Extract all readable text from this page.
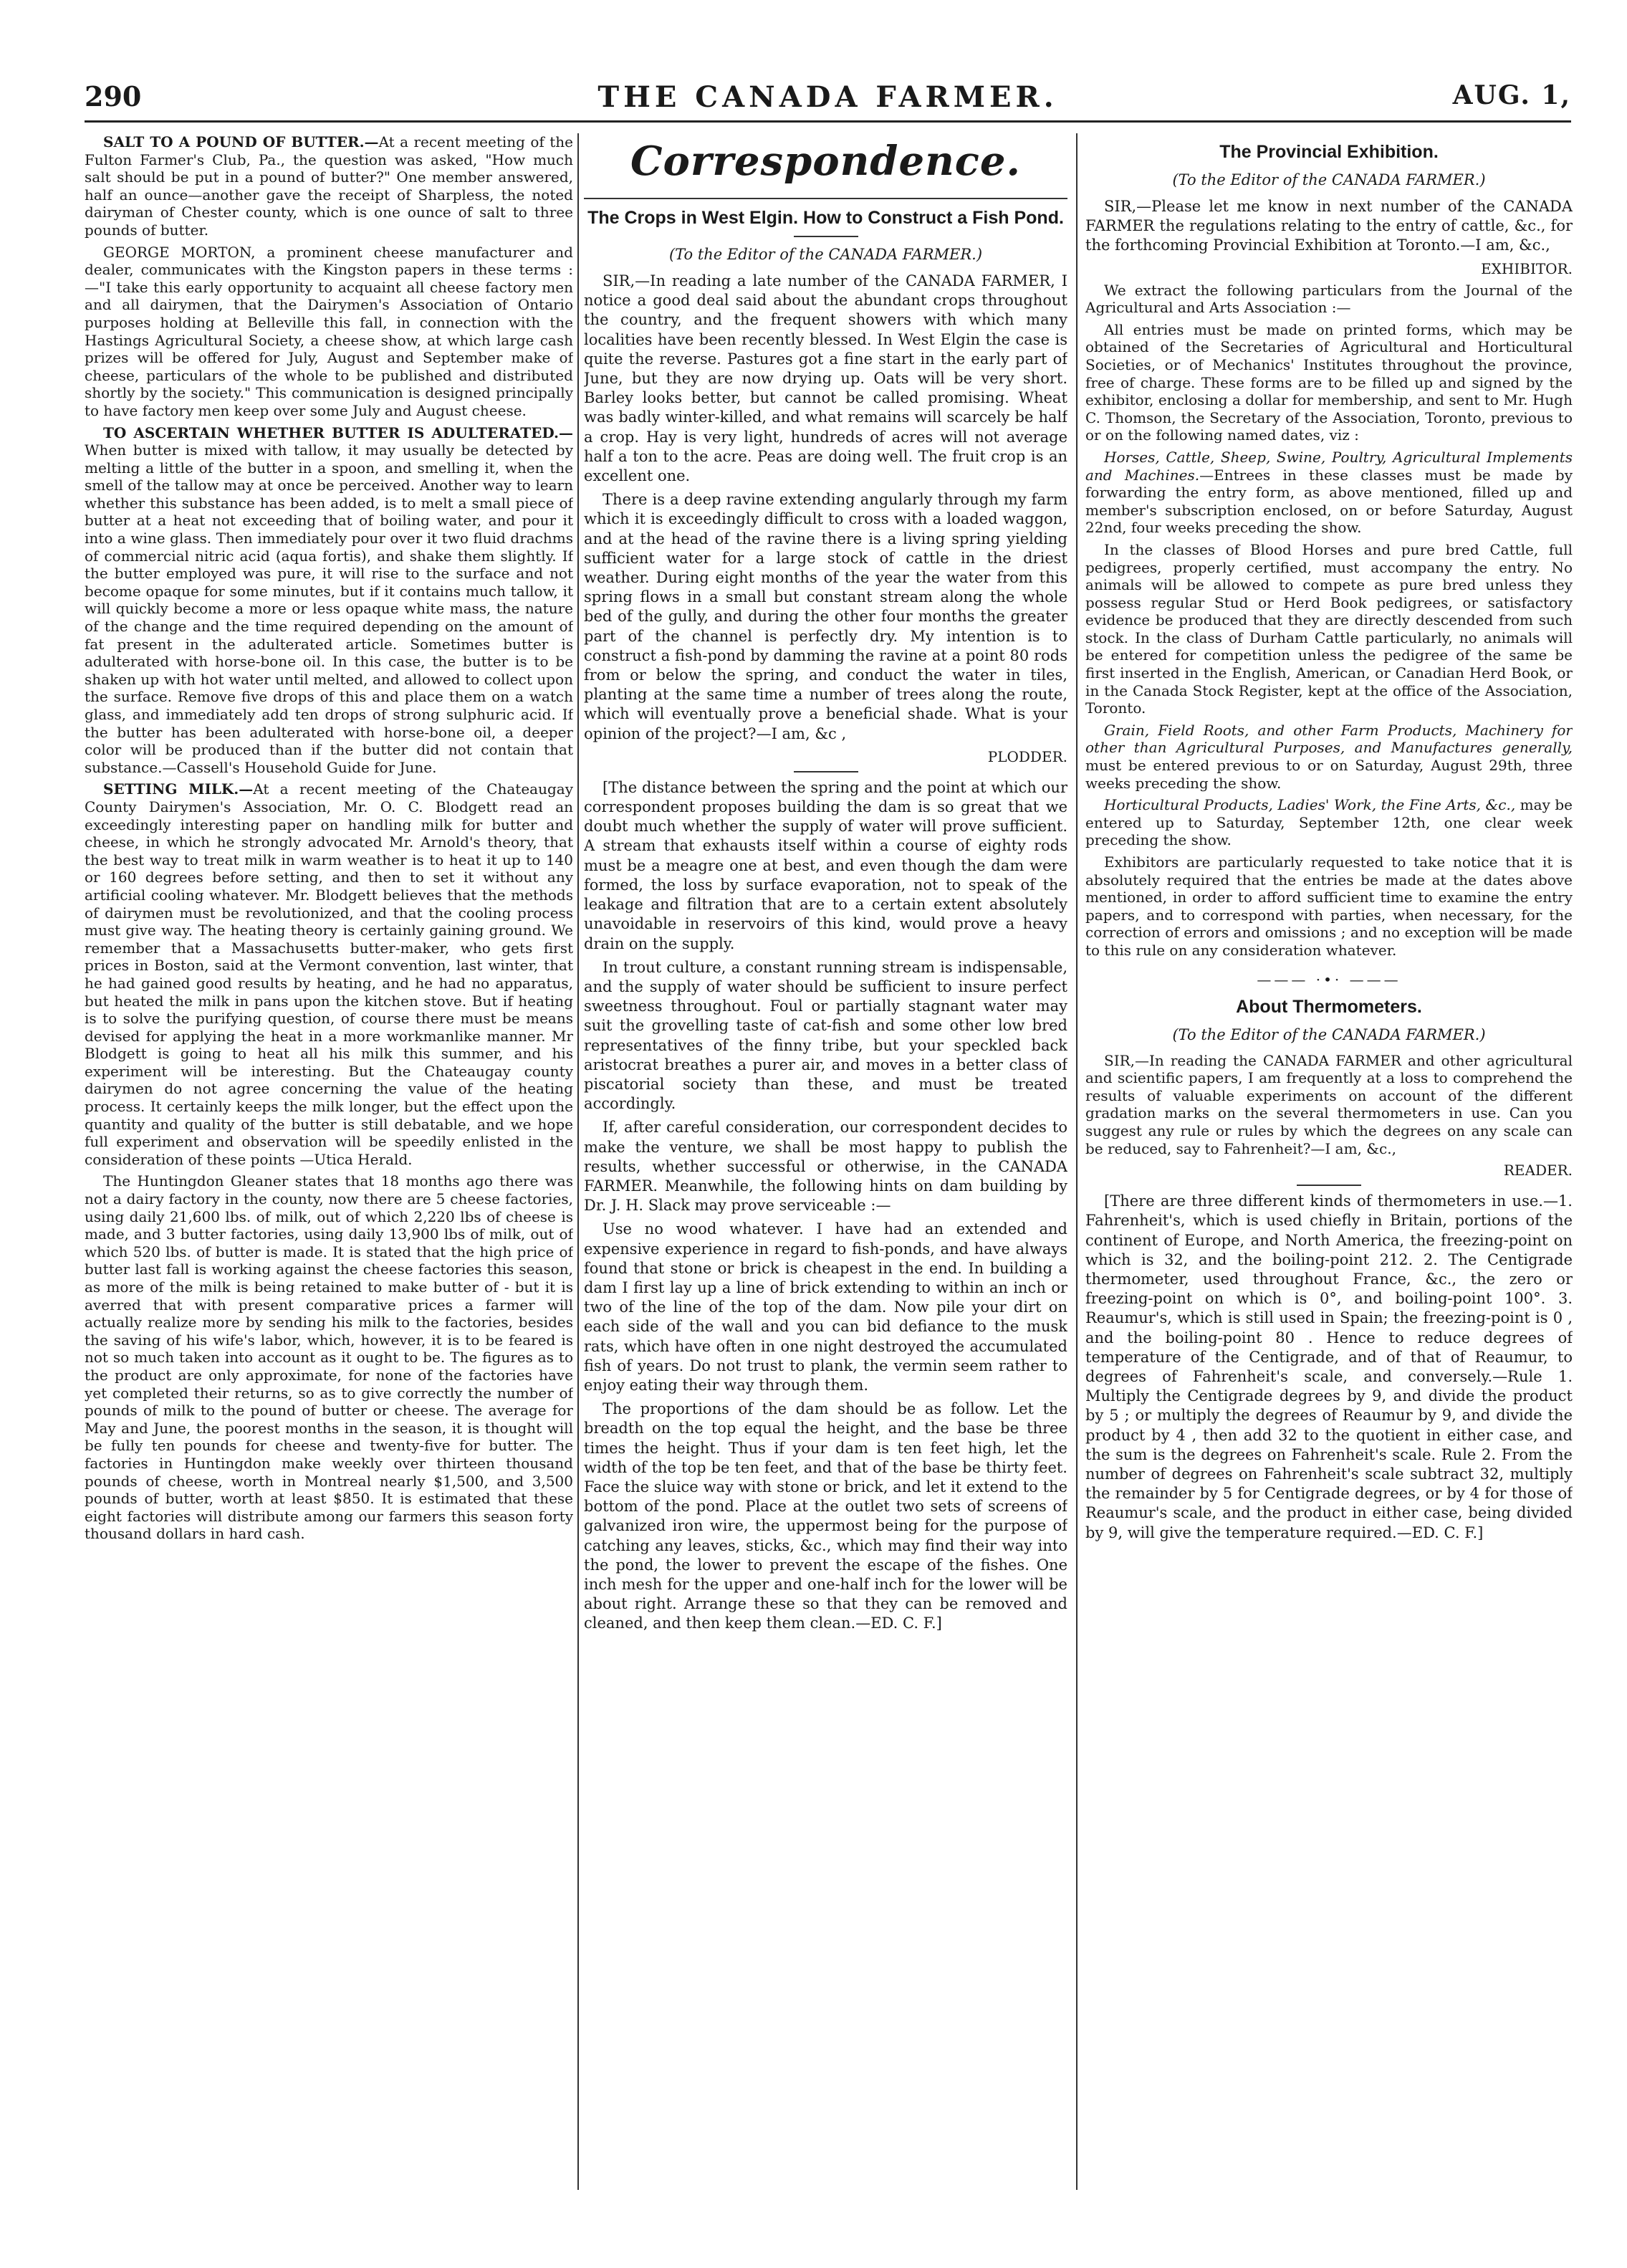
290	THE CANADA FARMER.	AUG. 1,

SALT TO A POUND OF BUTTER.—At a recent meeting of the Fulton Farmer's Club, Pa., the question was asked, "How much salt should be put in a pound of butter?" One member answered, half an ounce—another gave the receipt of Sharpless, the noted dairyman of Chester county, which is one ounce of salt to three pounds of butter.

GEORGE MORTON, a prominent cheese manufacturer and dealer, communicates with the Kingston papers in these terms :—"I take this early opportunity to acquaint all cheese factory men and all dairymen, that the Dairymen's Association of Ontario purposes holding at Belleville this fall, in connection with the Hastings Agricultural Society, a cheese show, at which large cash prizes will be offered for July, August and September make of cheese, particulars of the whole to be published and distributed shortly by the society." This communication is designed principally to have factory men keep over some July and August cheese.

TO ASCERTAIN WHETHER BUTTER IS ADULTERATED.—When butter is mixed with tallow, it may usually be detected by melting a little of the butter in a spoon, and smelling it, when the smell of the tallow may at once be perceived. Another way to learn whether this substance has been added, is to melt a small piece of butter at a heat not exceeding that of boiling water, and pour it into a wine glass. Then immediately pour over it two fluid drachms of commercial nitric acid (aqua fortis), and shake them slightly. If the butter employed was pure, it will rise to the surface and not become opaque for some minutes, but if it contains much tallow, it will quickly become a more or less opaque white mass, the nature of the change and the time required depending on the amount of fat present in the adulterated article. Sometimes butter is adulterated with horse-bone oil. In this case, the butter is to be shaken up with hot water until melted, and allowed to collect upon the surface. Remove five drops of this and place them on a watch glass, and immediately add ten drops of strong sulphuric acid. If the butter has been adulterated with horse-bone oil, a deeper color will be produced than if the butter did not contain that substance.—Cassell's Household Guide for June.

SETTING MILK.—At a recent meeting of the Chateaugay County Dairymen's Association, Mr. O. C. Blodgett read an exceedingly interesting paper on handling milk for butter and cheese, in which he strongly advocated Mr. Arnold's theory, that the best way to treat milk in warm weather is to heat it up to 140 or 160 degrees before setting, and then to set it without any artificial cooling whatever. Mr. Blodgett believes that the methods of dairymen must be revolutionized, and that the cooling process must give way. The heating theory is certainly gaining ground. We remember that a Massachusetts butter-maker, who gets first prices in Boston, said at the Vermont convention, last winter, that he had gained good results by heating, and he had no apparatus, but heated the milk in pans upon the kitchen stove. But if heating is to solve the purifying question, of course there must be means devised for applying the heat in a more workmanlike manner. Mr Blodgett is going to heat all his milk this summer, and his experiment will be interesting. But the Chateaugay county dairymen do not agree concerning the value of the heating process. It certainly keeps the milk longer, but the effect upon the quantity and quality of the butter is still debatable, and we hope full experiment and observation will be speedily enlisted in the consideration of these points —Utica Herald.

The Huntingdon Gleaner states that 18 months ago there was not a dairy factory in the county, now there are 5 cheese factories, using daily 21,600 lbs. of milk, out of which 2,220 lbs of cheese is made, and 3 butter factories, using daily 13,900 lbs of milk, out of which 520 lbs. of butter is made. It is stated that the high price of butter last fall is working against the cheese factories this season, as more of the milk is being retained to make butter of - but it is averred that with present comparative prices a farmer will actually realize more by sending his milk to the factories, besides the saving of his wife's labor, which, however, it is to be feared is not so much taken into account as it ought to be. The figures as to the product are only approximate, for none of the factories have yet completed their returns, so as to give correctly the number of pounds of milk to the pound of butter or cheese. The average for May and June, the poorest months in the season, it is thought will be fully ten pounds for cheese and twenty-five for butter. The factories in Huntingdon make weekly over thirteen thousand pounds of cheese, worth in Montreal nearly $1,500, and 3,500 pounds of butter, worth at least $850. It is estimated that these eight factories will distribute among our farmers this season forty thousand dollars in hard cash.

Correspondence.
The Crops in West Elgin. How to Construct a Fish Pond.
(To the Editor of the CANADA FARMER.)

SIR,—In reading a late number of the CANADA FARMER, I notice a good deal said about the abundant crops throughout the country, and the frequent showers with which many localities have been recently blessed. In West Elgin the case is quite the reverse. Pastures got a fine start in the early part of June, but they are now drying up. Oats will be very short. Barley looks better, but cannot be called promising. Wheat was badly winter-killed, and what remains will scarcely be half a crop. Hay is very light, hundreds of acres will not average half a ton to the acre. Peas are doing well. The fruit crop is an excellent one.

There is a deep ravine extending angularly through my farm which it is exceedingly difficult to cross with a loaded waggon, and at the head of the ravine there is a living spring yielding sufficient water for a large stock of cattle in the driest weather. During eight months of the year the water from this spring flows in a small but constant stream along the whole bed of the gully, and during the other four months the greater part of the channel is perfectly dry. My intention is to construct a fish-pond by damming the ravine at a point 80 rods from or below the spring, and conduct the water in tiles, planting at the same time a number of trees along the route, which will eventually prove a beneficial shade. What is your opinion of the project?—I am, &c ,

PLODDER.

[The distance between the spring and the point at which our correspondent proposes building the dam is so great that we doubt much whether the supply of water will prove sufficient. A stream that exhausts itself within a course of eighty rods must be a meagre one at best, and even though the dam were formed, the loss by surface evaporation, not to speak of the leakage and filtration that are to a certain extent absolutely unavoidable in reservoirs of this kind, would prove a heavy drain on the supply.

In trout culture, a constant running stream is indispensable, and the supply of water should be sufficient to insure perfect sweetness throughout. Foul or partially stagnant water may suit the grovelling taste of cat-fish and some other low bred representatives of the finny tribe, but your speckled back aristocrat breathes a purer air, and moves in a better class of piscatorial society than these, and must be treated accordingly.

If, after careful consideration, our correspondent decides to make the venture, we shall be most happy to publish the results, whether successful or otherwise, in the CANADA FARMER. Meanwhile, the following hints on dam building by Dr. J. H. Slack may prove serviceable :—

Use no wood whatever. I have had an extended and expensive experience in regard to fish-ponds, and have always found that stone or brick is cheapest in the end. In building a dam I first lay up a line of brick extending to within an inch or two of the line of the top of the dam. Now pile your dirt on each side of the wall and you can bid defiance to the musk rats, which have often in one night destroyed the accumulated fish of years. Do not trust to plank, the vermin seem rather to enjoy eating their way through them.

The proportions of the dam should be as follow. Let the breadth on the top equal the height, and the base be three times the height. Thus if your dam is ten feet high, let the width of the top be ten feet, and that of the base be thirty feet. Face the sluice way with stone or brick, and let it extend to the bottom of the pond. Place at the outlet two sets of screens of galvanized iron wire, the uppermost being for the purpose of catching any leaves, sticks, &c., which may find their way into the pond, the lower to prevent the escape of the fishes. One inch mesh for the upper and one-half inch for the lower will be about right. Arrange these so that they can be removed and cleaned, and then keep them clean.—ED. C. F.]

The Provincial Exhibition.
(To the Editor of the CANADA FARMER.)

SIR,—Please let me know in next number of the CANADA FARMER the regulations relating to the entry of cattle, &c., for the forthcoming Provincial Exhibition at Toronto.—I am, &c.,

EXHIBITOR.

We extract the following particulars from the Journal of the Agricultural and Arts Association :—

All entries must be made on printed forms, which may be obtained of the Secretaries of Agricultural and Horticultural Societies, or of Mechanics' Institutes throughout the province, free of charge. These forms are to be filled up and signed by the exhibitor, enclosing a dollar for membership, and sent to Mr. Hugh C. Thomson, the Secretary of the Association, Toronto, previous to or on the following named dates, viz :

Horses, Cattle, Sheep, Swine, Poultry, Agricultural Implements and Machines.—Entrees in these classes must be made by forwarding the entry form, as above mentioned, filled up and member's subscription enclosed, on or before Saturday, August 22nd, four weeks preceding the show.

In the classes of Blood Horses and pure bred Cattle, full pedigrees, properly certified, must accompany the entry. No animals will be allowed to compete as pure bred unless they possess regular Stud or Herd Book pedigrees, or satisfactory evidence be produced that they are directly descended from such stock. In the class of Durham Cattle particularly, no animals will be entered for competition unless the pedigree of the same be first inserted in the English, American, or Canadian Herd Book, or in the Canada Stock Register, kept at the office of the Association, Toronto.

Grain, Field Roots, and other Farm Products, Machinery for other than Agricultural Purposes, and Manufactures generally, must be entered previous to or on Saturday, August 29th, three weeks preceding the show.

Horticultural Products, Ladies' Work, the Fine Arts, &c., may be entered up to Saturday, September 12th, one clear week preceding the show.

Exhibitors are particularly requested to take notice that it is absolutely required that the entries be made at the dates above mentioned, in order to afford sufficient time to examine the entry papers, and to correspond with parties, when necessary, for the correction of errors and omissions ; and no exception will be made to this rule on any consideration whatever.

——— ·•· ———
About Thermometers.
(To the Editor of the CANADA FARMER.)

SIR,—In reading the CANADA FARMER and other agricultural and scientific papers, I am frequently at a loss to comprehend the results of valuable experiments on account of the different gradation marks on the several thermometers in use. Can you suggest any rule or rules by which the degrees on any scale can be reduced, say to Fahrenheit?—I am, &c.,

READER.

[There are three different kinds of thermometers in use.—1. Fahrenheit's, which is used chiefly in Britain, portions of the continent of Europe, and North America, the freezing-point on which is 32, and the boiling-point 212. 2. The Centigrade thermometer, used throughout France, &c., the zero or freezing-point on which is 0°, and boiling-point 100°. 3. Reaumur's, which is still used in Spain; the freezing-point is 0 , and the boiling-point 80 . Hence to reduce degrees of temperature of the Centigrade, and of that of Reaumur, to degrees of Fahrenheit's scale, and conversely.—Rule 1. Multiply the Centigrade degrees by 9, and divide the product by 5 ; or multiply the degrees of Reaumur by 9, and divide the product by 4 , then add 32 to the quotient in either case, and the sum is the degrees on Fahrenheit's scale. Rule 2. From the number of degrees on Fahrenheit's scale subtract 32, multiply the remainder by 5 for Centigrade degrees, or by 4 for those of Reaumur's scale, and the product in either case, being divided by 9, will give the temperature required.—ED. C. F.]
